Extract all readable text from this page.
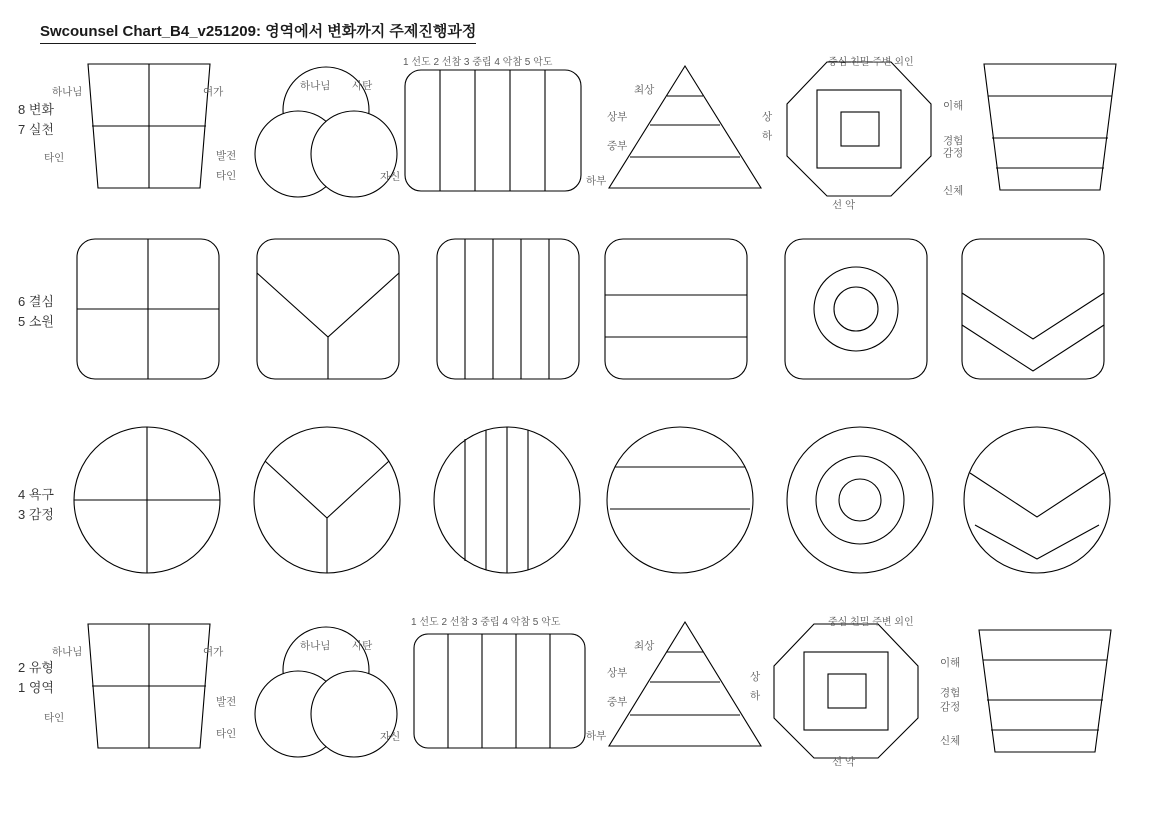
Swcounsel Chart_B4_v251209: 영역에서 변화까지 주제진행과정
8 변화
7 실천
6 결심
5 소원
4 욕구
3 감정
2 유형
1 영역
하나님	여가
타인	발전
타인
하나님 사탄
자신
1 선도 2 선참 3 중립 4 악참 5 악도
최상
상부
중부
하부
중심 친밀 주변 외인
상
하
선 악
이해
경험
감정
신체
하나님	여가
타인
발전
타인
하나님 사탄
자신
1 선도 2 선참 3 중립 4 악참 5 악도
최상
상부
중부
하부
중심 친밀 주변 외인
상
하
선 악
이해
경험
감정
신체
